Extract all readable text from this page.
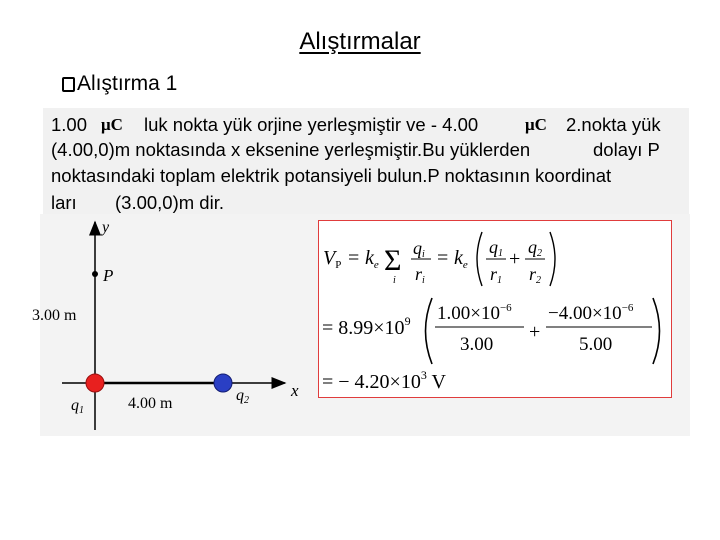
Alıştırmalar
Alıştırma 1
1.00 μC luk nokta yük orjine yerleşmiştir ve - 4.00	μC 2.nokta yük
(4.00,0)m noktasında x eksenine yerleşmiştir.Bu yüklerden	dolayı P
noktasındaki toplam elektrik potansiyeli bulun.P noktasının koordinat
ları (3.00,0)m dir.
y
x
P
3.00 m
4.00 m
q1
q2
$V_P = k_e$ Σ
i
qi
ri
= $k_e$
q1
r1
+
q2
r2
= $8.99\times 10^9$ $1.00\times 10^{-6}$
3.00
+
$-4.00\times 10^{-6}$
5.00
= − $4.20\times 10^3$ V
